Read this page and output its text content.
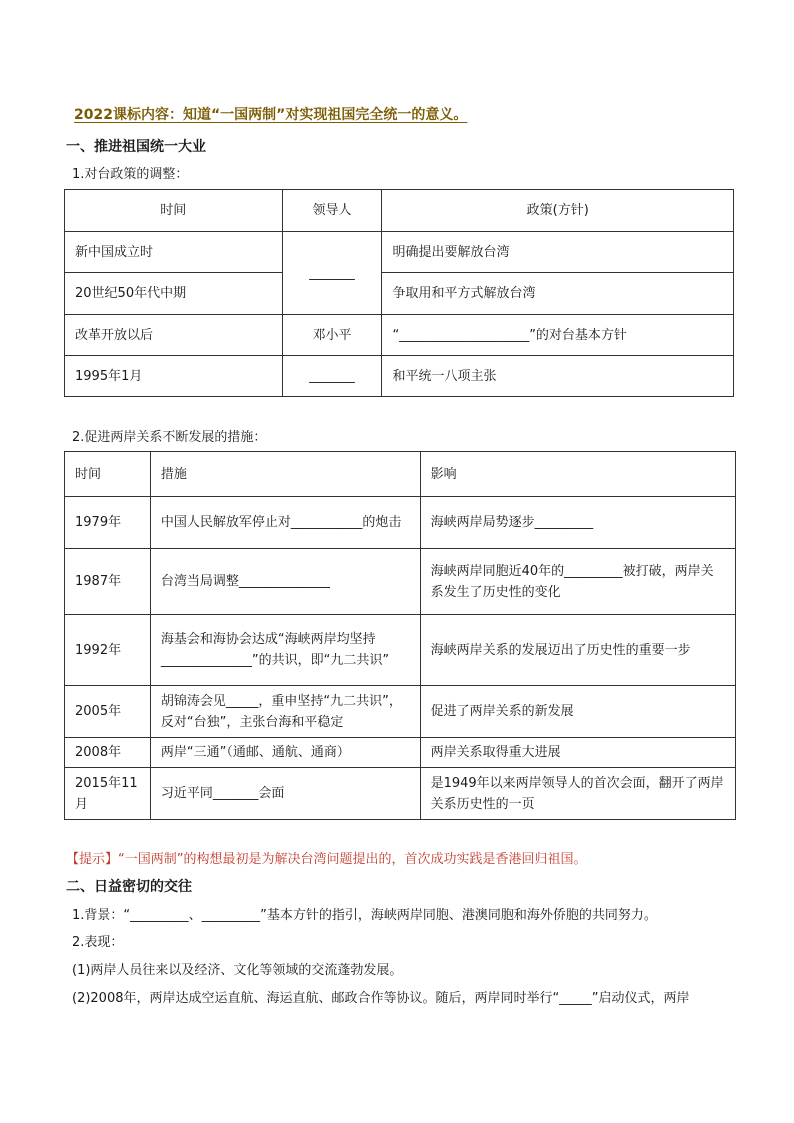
2022课标内容：知道“一国两制”对实现祖国完全统一的意义。
一、推进祖国统一大业
1.对台政策的调整：
时间	领导人	政策(方针)
新中国成立时	_______	明确提出要解放台湾
20世纪50年代中期		争取用和平方式解放台湾
改革开放以后	邓小平	“____________________”的对台基本方针
1995年1月	_______	和平统一八项主张
2.促进两岸关系不断发展的措施：
时间	措施	影响
1979年	中国人民解放军停止对___________的炮击	海峡两岸局势逐步_________
1987年	台湾当局调整______________	海峡两岸同胞近40年的_________被打破，两岸关系发生了历史性的变化
1992年	海基会和海协会达成“海峡两岸均坚持______________”的共识，即“九二共识”	海峡两岸关系的发展迈出了历史性的重要一步
2005年	胡锦涛会见_____，重申坚持“九二共识”，反对“台独”，主张台海和平稳定	促进了两岸关系的新发展
2008年	两岸“三通”（通邮、通航、通商）	两岸关系取得重大进展
2015年11月	习近平同_______会面	是1949年以来两岸领导人的首次会面，翻开了两岸关系历史性的一页
【提示】“一国两制”的构想最初是为解决台湾问题提出的，首次成功实践是香港回归祖国。
二、日益密切的交往
1.背景：“_________、_________”基本方针的指引，海峡两岸同胞、港澳同胞和海外侨胞的共同努力。
2.表现：
(1)两岸人员往来以及经济、文化等领域的交流蓬勃发展。
(2)2008年，两岸达成空运直航、海运直航、邮政合作等协议。随后，两岸同时举行“_____”启动仪式，两岸
